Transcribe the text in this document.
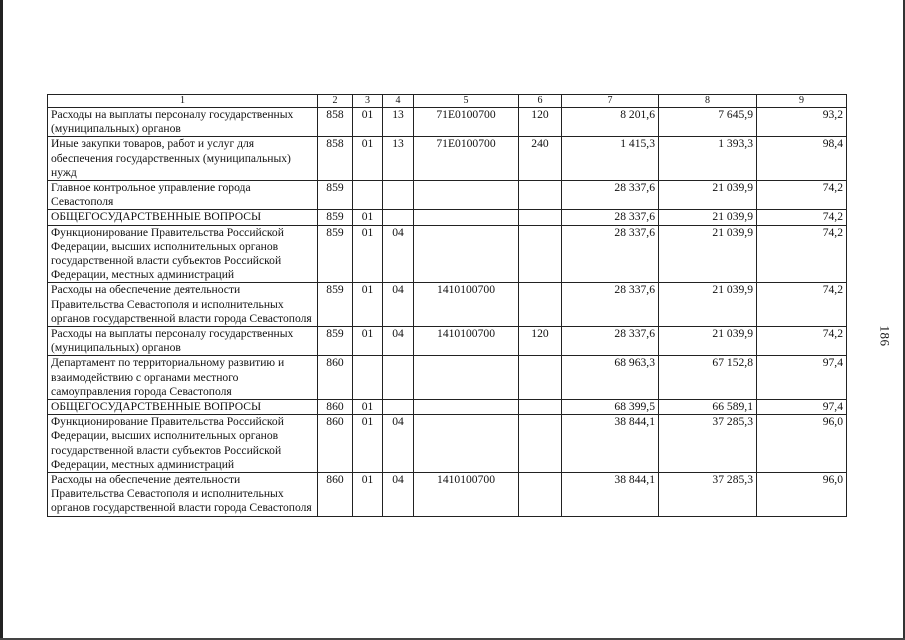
1	2	3	4	5	6	7	8	9
Расходы на выплаты персоналу государственных (муниципальных) органов	858	01	13	71Е0100700	120	8 201,6	7 645,9	93,2
Иные закупки товаров, работ и услуг для обеспечения государственных (муниципальных) нужд	858	01	13	71Е0100700	240	1 415,3	1 393,3	98,4
Главное контрольное управление города Севастополя	859					28 337,6	21 039,9	74,2
ОБЩЕГОСУДАРСТВЕННЫЕ ВОПРОСЫ	859	01				28 337,6	21 039,9	74,2
Функционирование Правительства Российской Федерации, высших исполнительных органов государственной власти субъектов Российской Федерации, местных администраций	859	01	04			28 337,6	21 039,9	74,2
Расходы на обеспечение деятельности Правительства Севастополя и исполнительных органов государственной власти города Севастополя	859	01	04	1410100700		28 337,6	21 039,9	74,2
Расходы на выплаты персоналу государственных (муниципальных) органов	859	01	04	1410100700	120	28 337,6	21 039,9	74,2
Департамент по территориальному развитию и взаимодействию с органами местного самоуправления города Севастополя	860					68 963,3	67 152,8	97,4
ОБЩЕГОСУДАРСТВЕННЫЕ ВОПРОСЫ	860	01				68 399,5	66 589,1	97,4
Функционирование Правительства Российской Федерации, высших исполнительных органов государственной власти субъектов Российской Федерации, местных администраций	860	01	04			38 844,1	37 285,3	96,0
Расходы на обеспечение деятельности Правительства Севастополя и исполнительных органов государственной власти города Севастополя	860	01	04	1410100700		38 844,1	37 285,3	96,0
186
